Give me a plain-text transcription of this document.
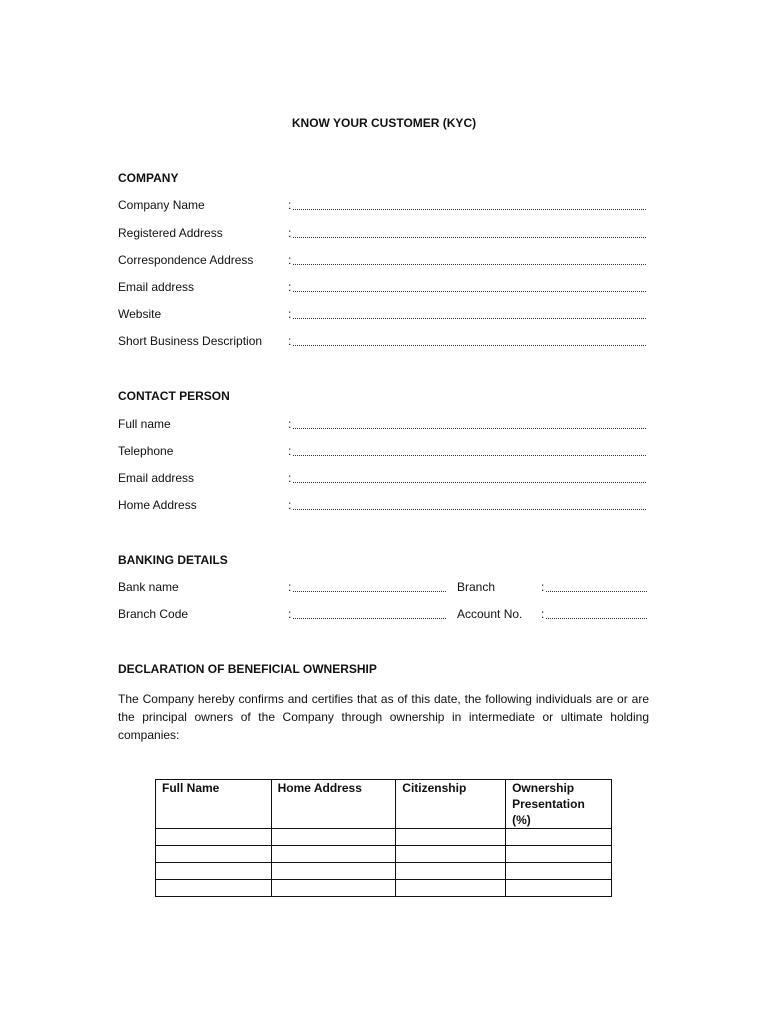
KNOW YOUR CUSTOMER (KYC)
COMPANY
Company Name	:
Registered Address	:
Correspondence Address	:
Email address	:
Website	:
Short Business Description :
CONTACT PERSON
Full name	:
Telephone	:
Email address	:
Home Address	:
BANKING DETAILS
Bank name	:	Branch	:
Branch Code	:	Account No. :
DECLARATION OF BENEFICIAL OWNERSHIP
The Company hereby confirms and certifies that as of this date, the following individuals are or are the principal owners of the Company through ownership in intermediate or ultimate holding companies:
Full Name	Home Address	Citizenship	Ownership Presentation (%)
